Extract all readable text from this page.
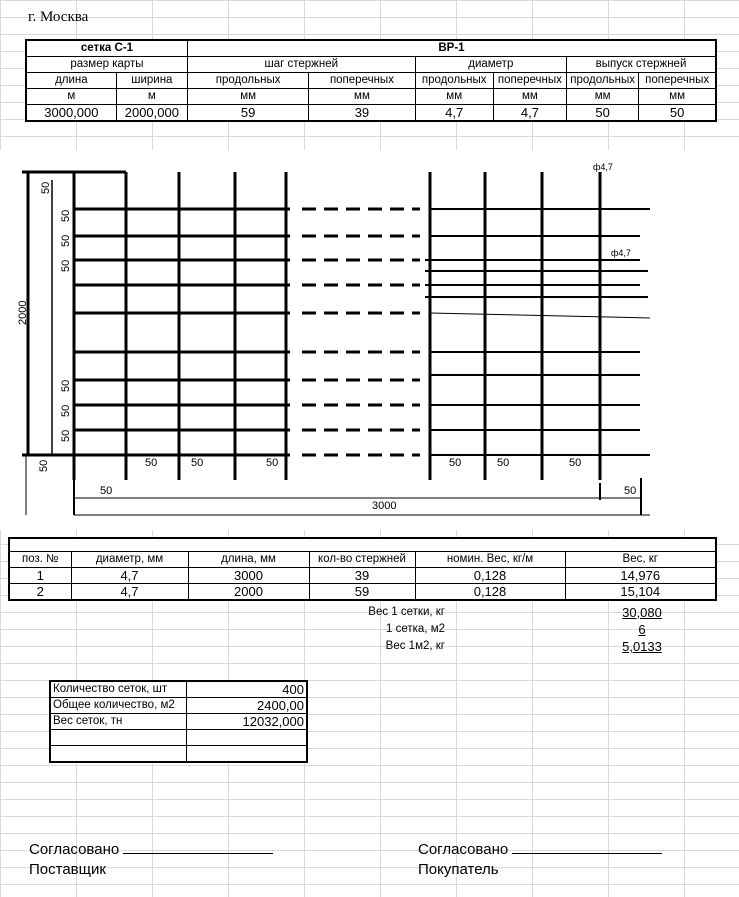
г. Москва
сетка С-1		ВР-1					
размер карты		шаг стержней		диаметр		выпуск стержней	
длина	ширина	продольных	поперечных	продольных	поперечных	продольных	поперечных
м	м	мм	мм	мм	мм	мм	мм
3000,000	2000,000	59	39	4,7	4,7	50	50
2000
3000
50
50
50
50
50
50
50
50	50	50	50	50	50	50
50	50
ф4,7
ф4,7

поз. №	диаметр, мм	длина, мм	кол-во стержней	номин. Вес, кг/м	Вес, кг
1	4,7	3000	39	0,128	14,976
2	4,7	2000	59	0,128	15,104
Вес 1 сетки, кг	30,080
1 сетка, м2	6
Вес 1м2, кг	5,0133
Количество сеток, шт	400
Общее количество, м2	2400,00
Вес сеток, тн	12032,000

Согласовано
Поставщик
Согласовано
Покупатель
